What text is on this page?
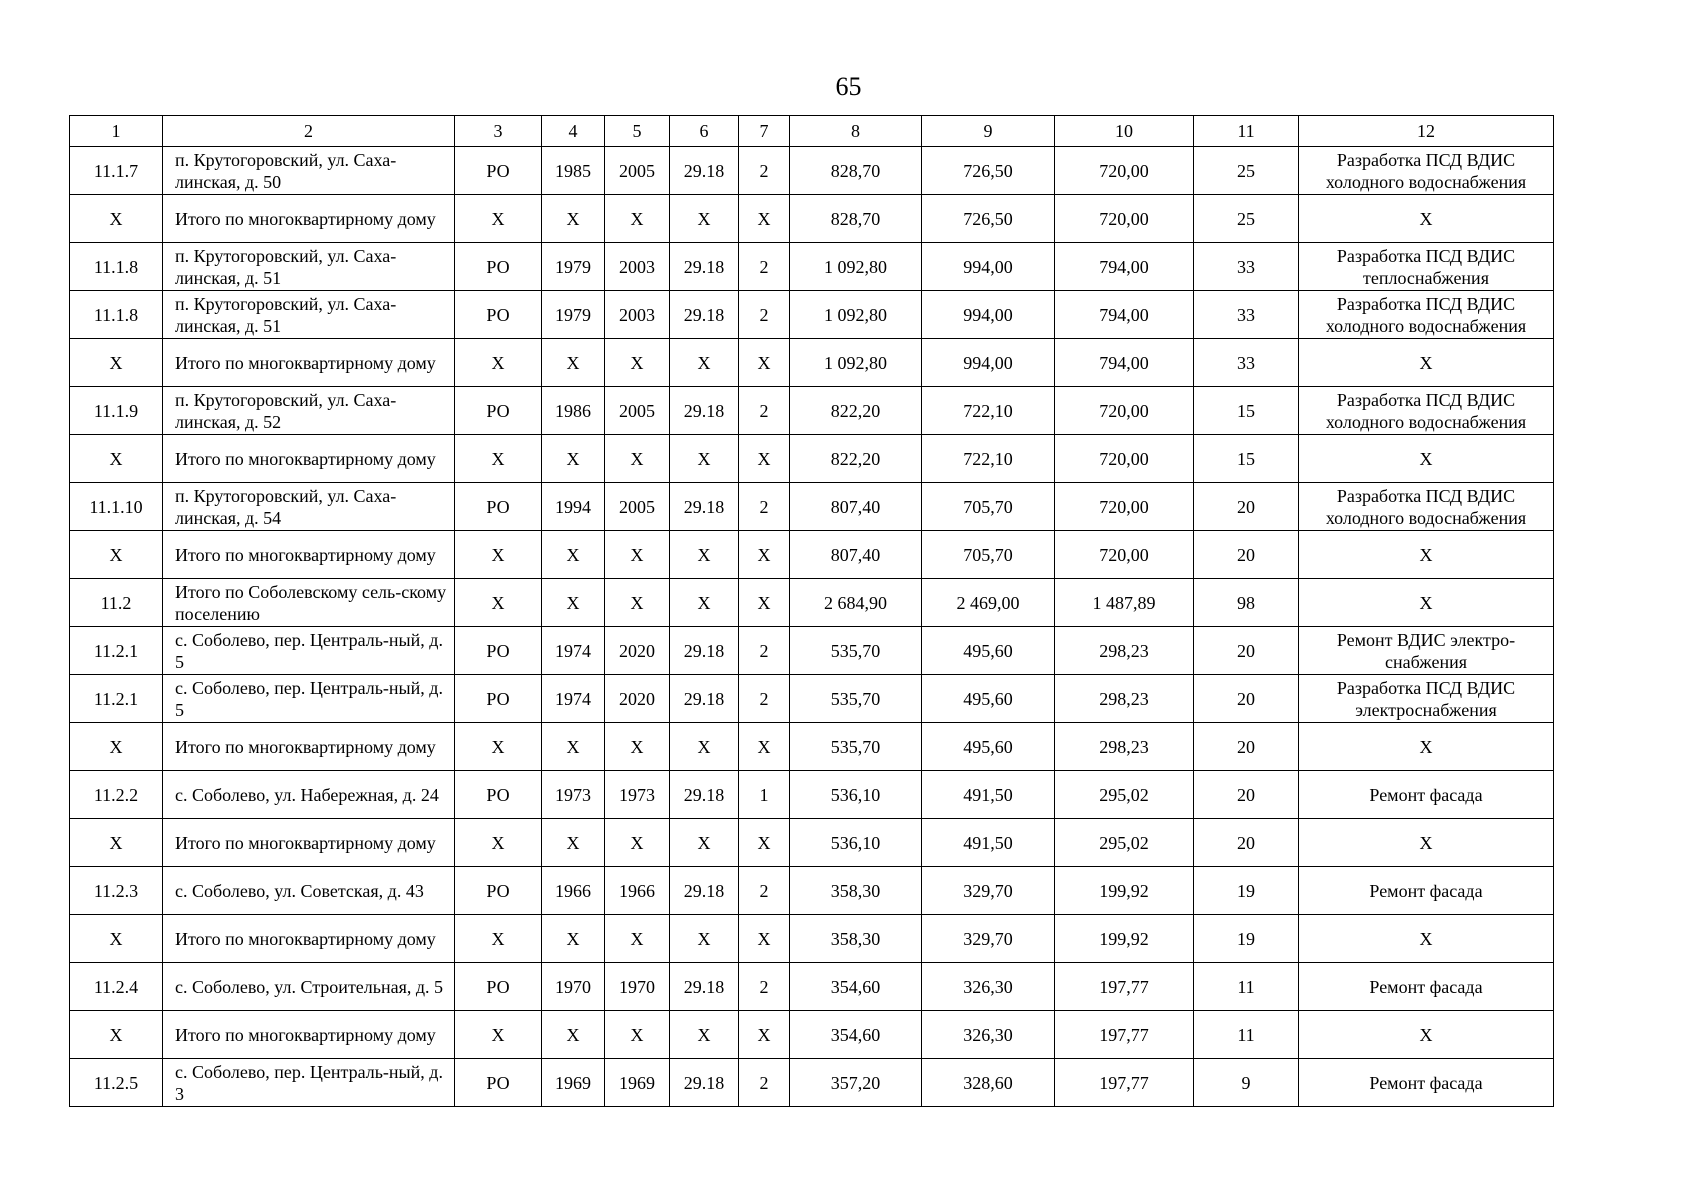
65
1	2	3	4	5	6	7	8	9	10	11	12
11.1.7	п. Крутогоровский, ул. Саха-линская, д. 50	РО	1985	2005	29.18	2	828,70	726,50	720,00	25	Разработка ПСД ВДИС холодного водоснабжения
Х	Итого по многоквартирному дому	Х	Х	Х	Х	Х	828,70	726,50	720,00	25	Х
11.1.8	п. Крутогоровский, ул. Саха-линская, д. 51	РО	1979	2003	29.18	2	1 092,80	994,00	794,00	33	Разработка ПСД ВДИС теплоснабжения
11.1.8	п. Крутогоровский, ул. Саха-линская, д. 51	РО	1979	2003	29.18	2	1 092,80	994,00	794,00	33	Разработка ПСД ВДИС холодного водоснабжения
Х	Итого по многоквартирному дому	Х	Х	Х	Х	Х	1 092,80	994,00	794,00	33	Х
11.1.9	п. Крутогоровский, ул. Саха-линская, д. 52	РО	1986	2005	29.18	2	822,20	722,10	720,00	15	Разработка ПСД ВДИС холодного водоснабжения
Х	Итого по многоквартирному дому	Х	Х	Х	Х	Х	822,20	722,10	720,00	15	Х
11.1.10	п. Крутогоровский, ул. Саха-линская, д. 54	РО	1994	2005	29.18	2	807,40	705,70	720,00	20	Разработка ПСД ВДИС холодного водоснабжения
Х	Итого по многоквартирному дому	Х	Х	Х	Х	Х	807,40	705,70	720,00	20	Х
11.2	Итого по Соболевскому сель-скому поселению	Х	Х	Х	Х	Х	2 684,90	2 469,00	1 487,89	98	Х
11.2.1	с. Соболево, пер. Централь-ный, д. 5	РО	1974	2020	29.18	2	535,70	495,60	298,23	20	Ремонт ВДИС электро-снабжения
11.2.1	с. Соболево, пер. Централь-ный, д. 5	РО	1974	2020	29.18	2	535,70	495,60	298,23	20	Разработка ПСД ВДИС электроснабжения
Х	Итого по многоквартирному дому	Х	Х	Х	Х	Х	535,70	495,60	298,23	20	Х
11.2.2	с. Соболево, ул. Набережная, д. 24	РО	1973	1973	29.18	1	536,10	491,50	295,02	20	Ремонт фасада
Х	Итого по многоквартирному дому	Х	Х	Х	Х	Х	536,10	491,50	295,02	20	Х
11.2.3	с. Соболево, ул. Советская, д. 43	РО	1966	1966	29.18	2	358,30	329,70	199,92	19	Ремонт фасада
Х	Итого по многоквартирному дому	Х	Х	Х	Х	Х	358,30	329,70	199,92	19	Х
11.2.4	с. Соболево, ул. Строительная, д. 5	РО	1970	1970	29.18	2	354,60	326,30	197,77	11	Ремонт фасада
Х	Итого по многоквартирному дому	Х	Х	Х	Х	Х	354,60	326,30	197,77	11	Х
11.2.5	с. Соболево, пер. Централь-ный, д. 3	РО	1969	1969	29.18	2	357,20	328,60	197,77	9	Ремонт фасада
